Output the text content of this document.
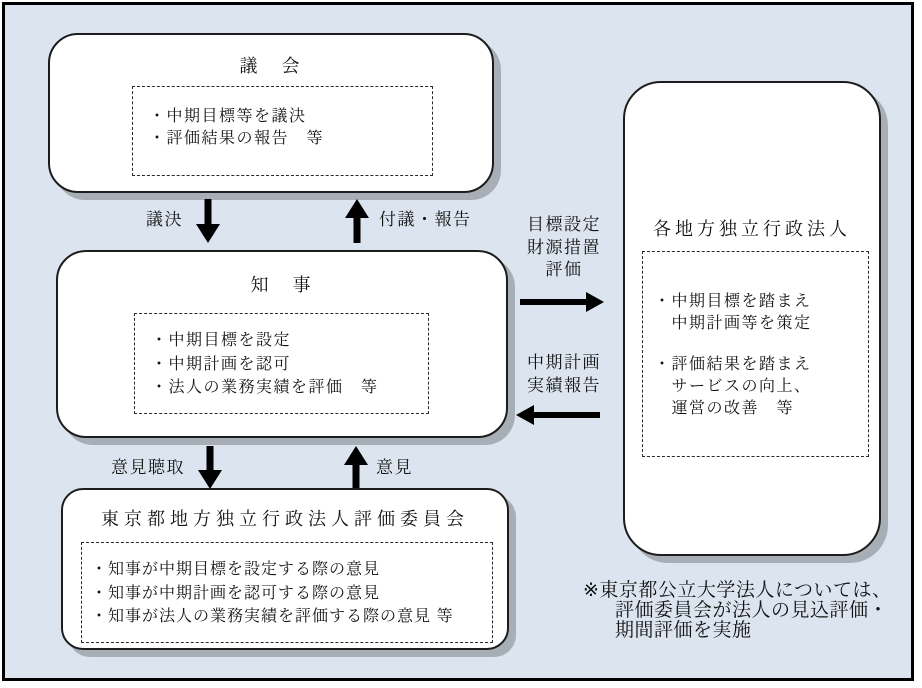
議　会
・中期目標等を議決
・評価結果の報告　等
議決	付議・報告
知　事
・中期目標を設定
・中期計画を認可
・法人の業務実績を評価　等
意見聴取	意見
東京都地方独立行政法人評価委員会
・知事が中期目標を設定する際の意見
・知事が中期計画を認可する際の意見
・知事が法人の業務実績を評価する際の意見 等
目標設定
財源措置
評価
中期計画
実績報告
各地方独立行政法人
・中期目標を踏まえ
　中期計画等を策定
・評価結果を踏まえ
　サービスの向上、
　運営の改善　等
※ 東京都公立大学法人については、
評価委員会が法人の見込評価・
期間評価を実施
